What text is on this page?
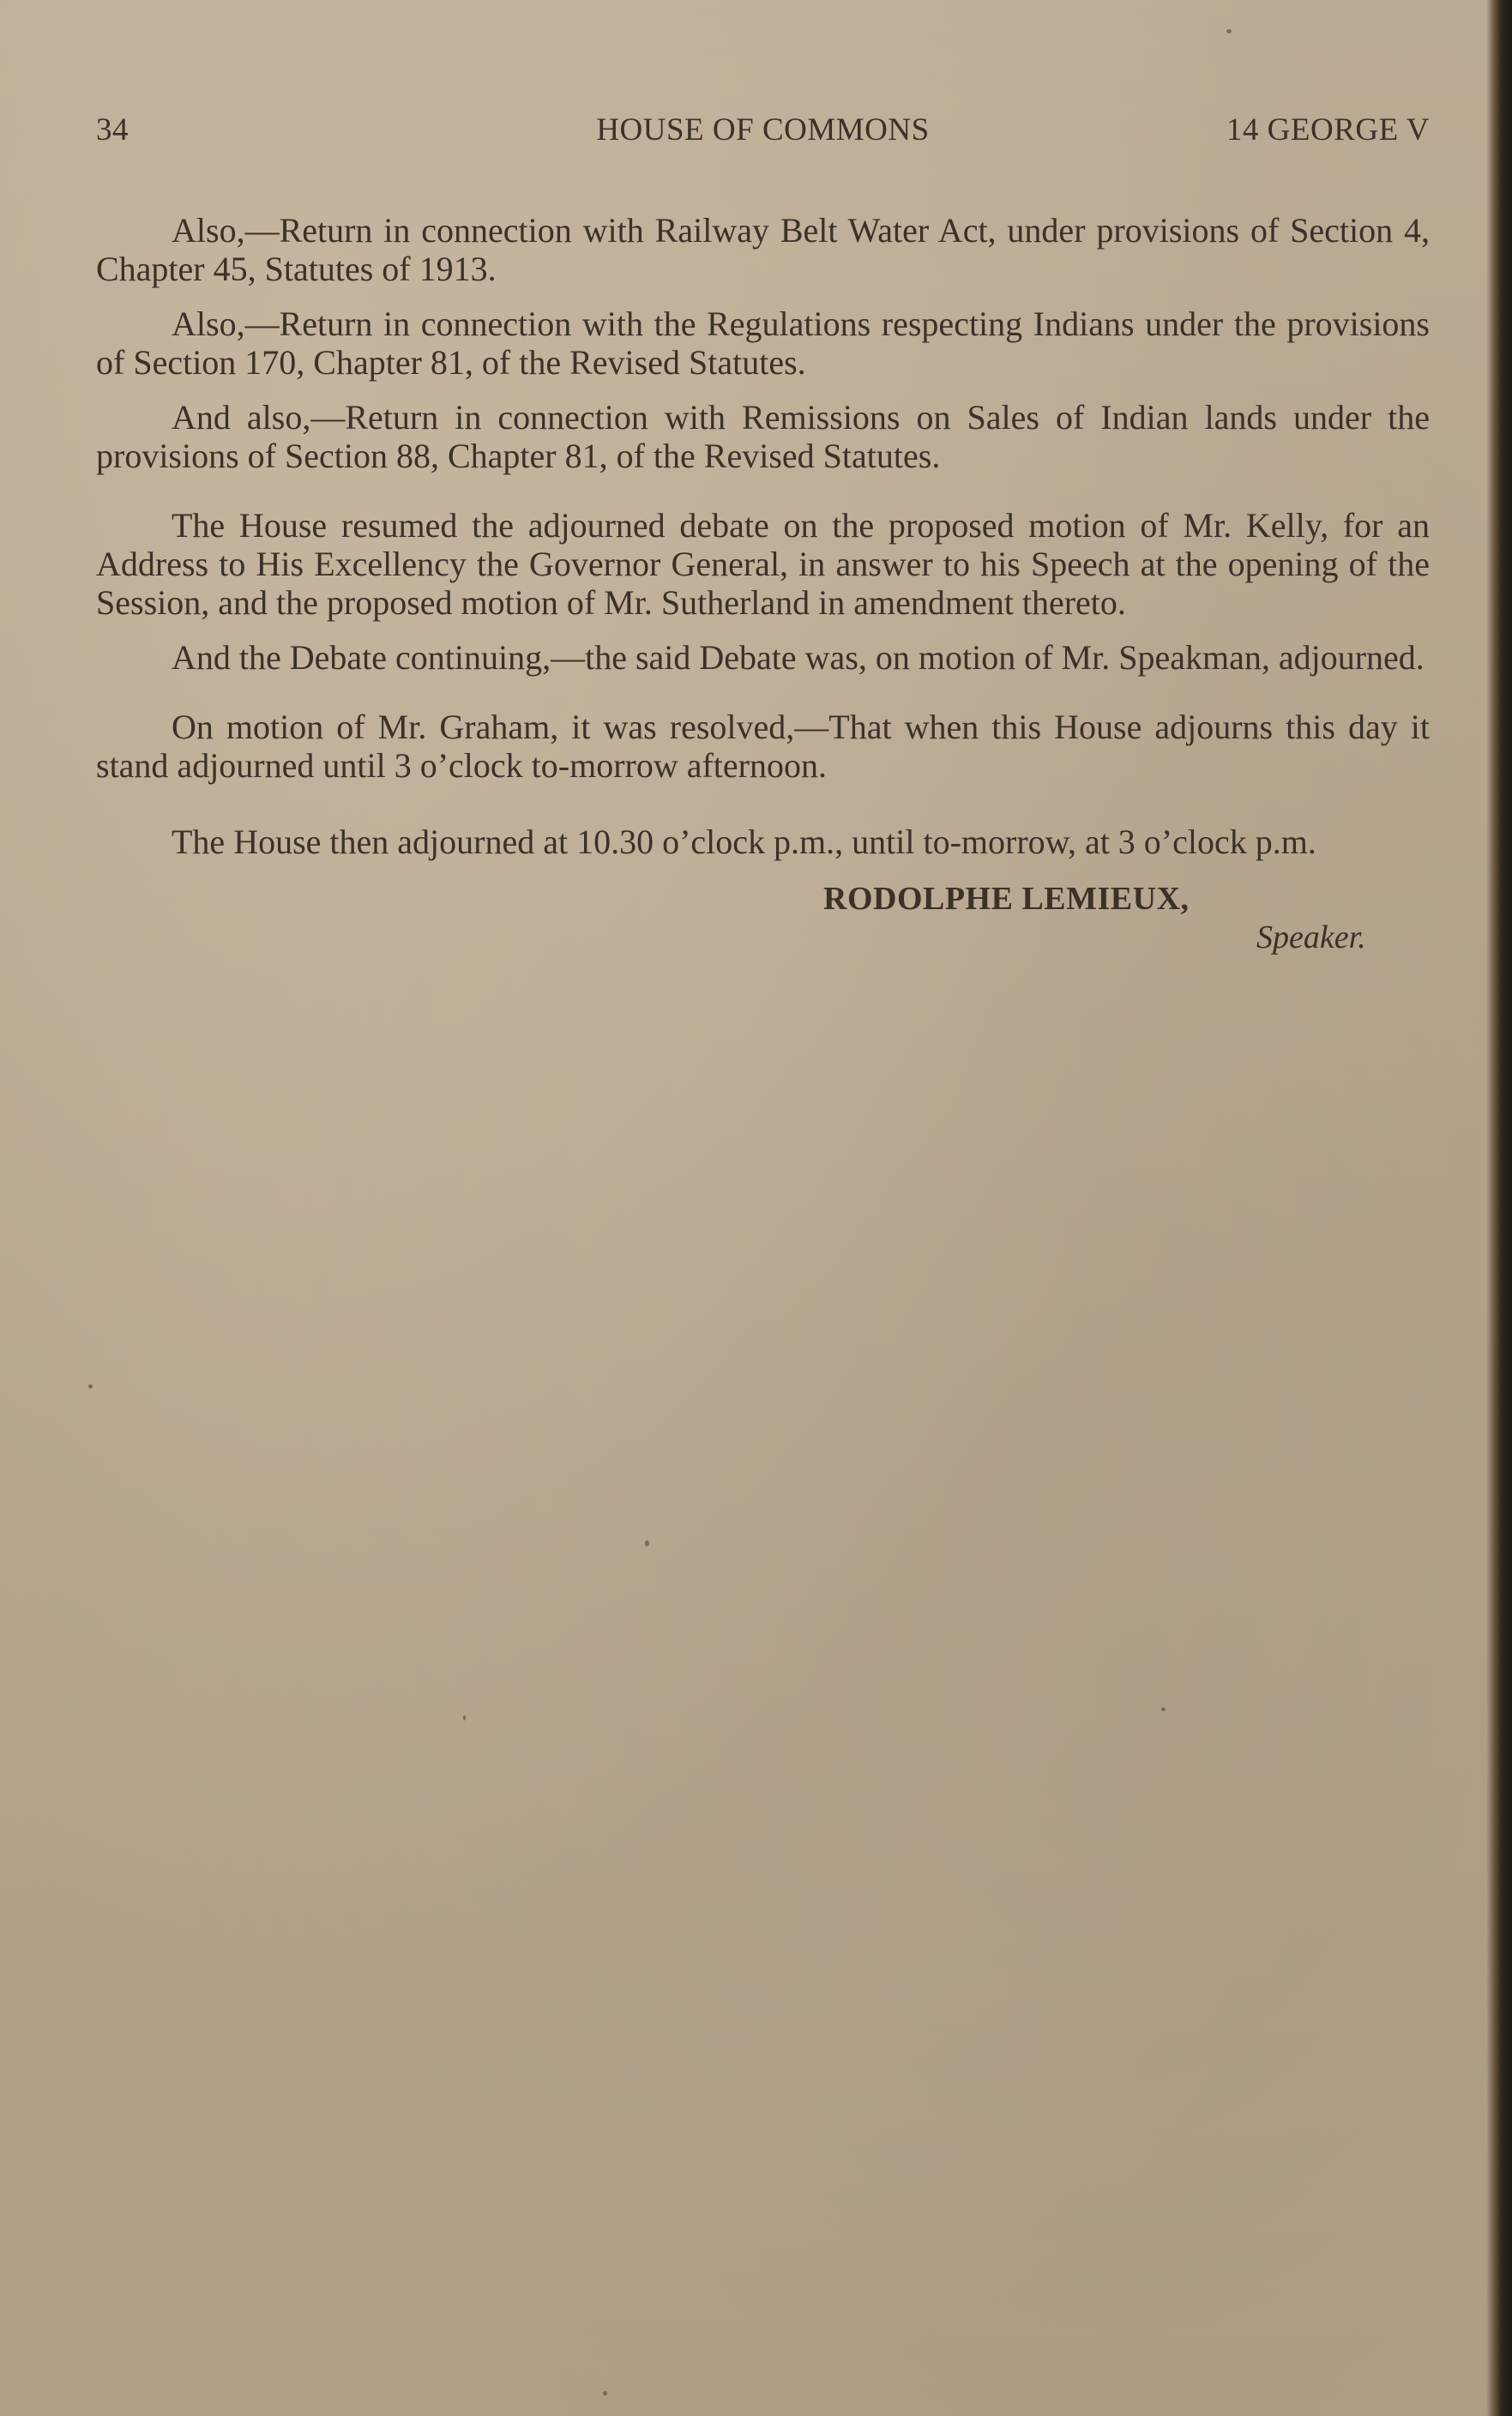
34	HOUSE OF COMMONS	14 GEORGE V

Also,—Return in connection with Railway Belt Water Act, under provisions of Section 4, Chapter 45, Statutes of 1913.

Also,—Return in connection with the Regulations respecting Indians under the provisions of Section 170, Chapter 81, of the Revised Statutes.

And also,—Return in connection with Remissions on Sales of Indian lands under the provisions of Section 88, Chapter 81, of the Revised Statutes.

The House resumed the adjourned debate on the proposed motion of Mr. Kelly, for an Address to His Excellency the Governor General, in answer to his Speech at the opening of the Session, and the proposed motion of Mr. Sutherland in amendment thereto.

And the Debate continuing,—the said Debate was, on motion of Mr. Speakman, adjourned.

On motion of Mr. Graham, it was resolved,—That when this House adjourns this day it stand adjourned until 3 o’clock to-morrow afternoon.

The House then adjourned at 10.30 o’clock p.m., until to-morrow, at 3 o’clock p.m.

RODOLPHE LEMIEUX,
Speaker.
